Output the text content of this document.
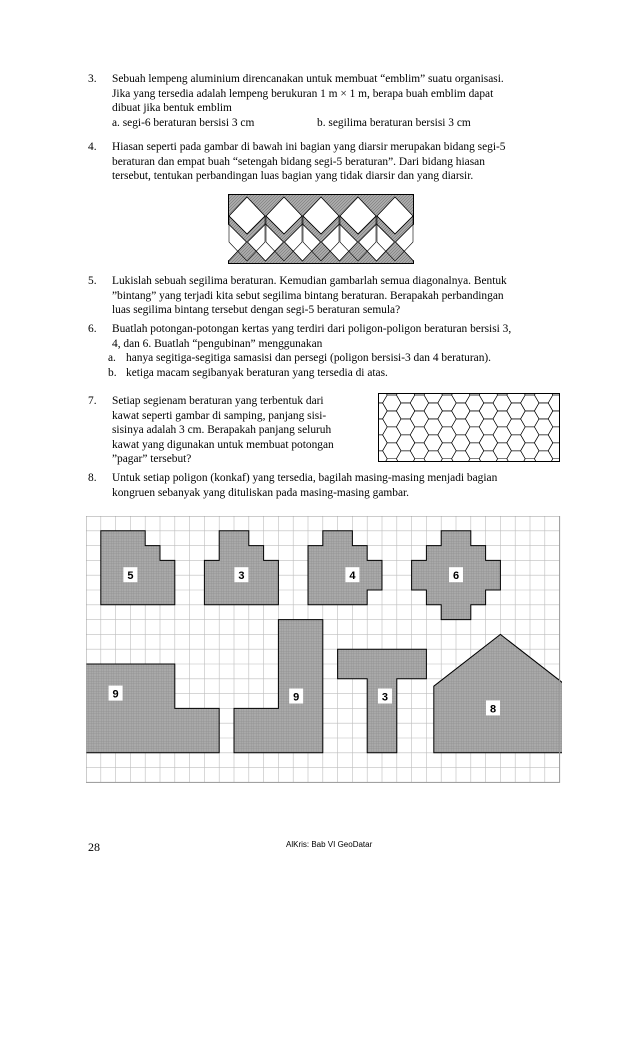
3. Sebuah lempeng aluminium direncanakan untuk membuat “emblim” suatu organisasi.
Jika yang tersedia adalah lempeng berukuran 1 m × 1 m, berapa buah emblim dapat
dibuat jika bentuk emblim
a. segi-6 beraturan bersisi 3 cm	b. segilima beraturan bersisi 3 cm
4. Hiasan seperti pada gambar di bawah ini bagian yang diarsir merupakan bidang segi-5
beraturan dan empat buah “setengah bidang segi-5 beraturan”. Dari bidang hiasan
tersebut, tentukan perbandingan luas bagian yang tidak diarsir dan yang diarsir.
5. Lukislah sebuah segilima beraturan. Kemudian gambarlah semua diagonalnya. Bentuk
”bintang” yang terjadi kita sebut segilima bintang beraturan. Berapakah perbandingan
luas segilima bintang tersebut dengan segi-5 beraturan semula?
6. Buatlah potongan-potongan kertas yang terdiri dari poligon-poligon beraturan bersisi 3,
4, dan 6. Buatlah “pengubinan” menggunakan
a. hanya segitiga-segitiga samasisi dan persegi (poligon bersisi-3 dan 4 beraturan).
b. ketiga macam segibanyak beraturan yang tersedia di atas.
7. Setiap segienam beraturan yang terbentuk dari
kawat seperti gambar di samping, panjang sisi-
sisinya adalah 3 cm. Berapakah panjang seluruh
kawat yang digunakan untuk membuat potongan
”pagar” tersebut?
8. Untuk setiap poligon (konkaf) yang tersedia, bagilah masing-masing menjadi bagian
kongruen sebanyak yang dituliskan pada masing-masing gambar.
5	3	4	6
9	9	3
8
28	AlKris: Bab VI GeoDatar
